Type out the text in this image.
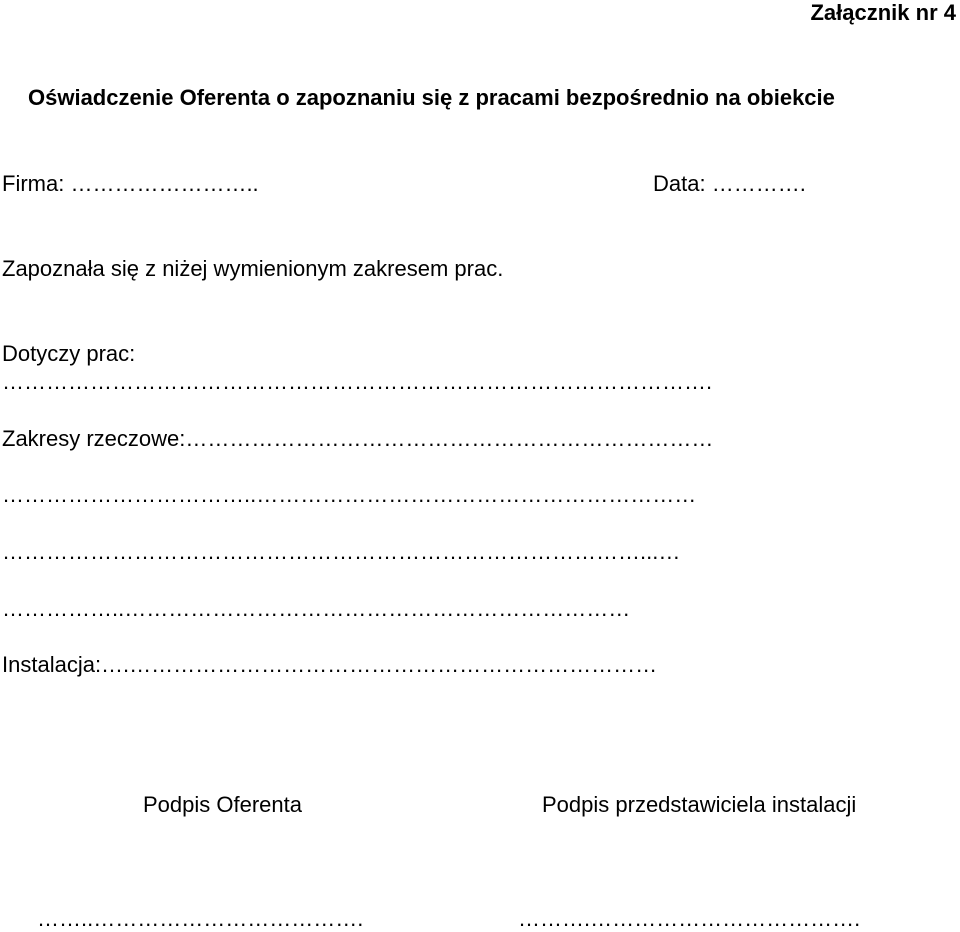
Załącznik nr 4
Oświadczenie Oferenta o zapoznaniu się z pracami bezpośrednio na obiekcie
Firma: ……………………..	Data: ………….
Zapoznała się z niżej wymienionym zakresem prac.
Dotyczy prac:
…………………………………………………………………………………….
Zakresy rzeczowe:………………………………………………………………
……………………………..……………………………………………………
……………………………………………………………………………...…
……………..……………………………………………………………
Instalacja:….………………………………………………………………
Podpis Oferenta	Podpis przedstawiciela instalacji
……..……………………………….	……….……………………………….
